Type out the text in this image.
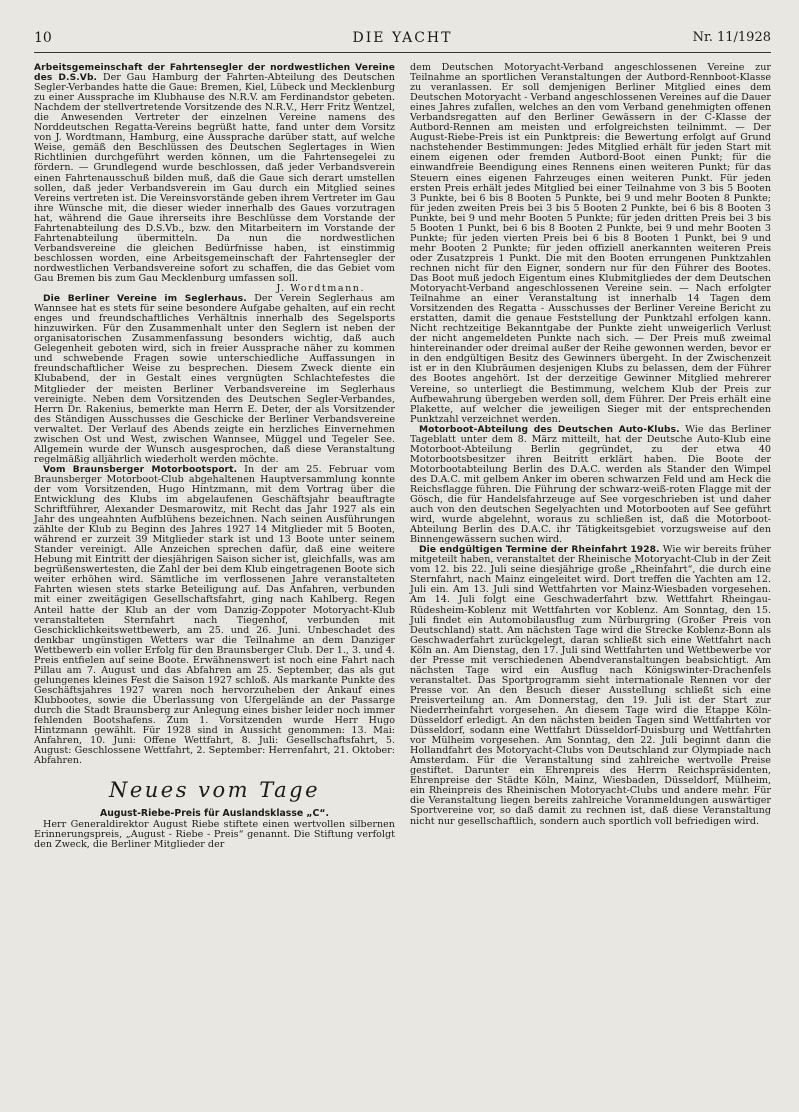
10	DIE YACHT	Nr. 11/1928

Arbeitsgemeinschaft der Fahrtensegler der nordwestlichen Vereine des D.S.Vb. Der Gau Hamburg der Fahrten-Abteilung des Deutschen Segler-Verbandes hatte die Gaue: Bremen, Kiel, Lübeck und Mecklenburg zu einer Aussprache im Klubhause des N.R.V. am Ferdinandstor gebeten. Nachdem der stellvertretende Vorsitzende des N.R.V., Herr Fritz Wentzel, die Anwesenden Vertreter der einzelnen Vereine namens des Norddeutschen Regatta-Vereins begrüßt hatte, fand unter dem Vorsitz von J. Wordtmann, Hamburg, eine Aussprache darüber statt, auf welche Weise, gemäß den Beschlüssen des Deutschen Seglertages in Wien Richtlinien durchgeführt werden können, um die Fahrtensegelei zu fördern. — Grundlegend wurde beschlossen, daß jeder Verbandsverein einen Fahrtenausschuß bilden muß, daß die Gaue sich derart umstellen sollen, daß jeder Verbandsverein im Gau durch ein Mitglied seines Vereins vertreten ist. Die Vereinsvorstände geben ihrem Vertreter im Gau ihre Wünsche mit, die dieser wieder innerhalb des Gaues vorzutragen hat, während die Gaue ihrerseits ihre Beschlüsse dem Vorstande der Fahrtenabteilung des D.S.Vb., bzw. den Mitarbeitern im Vorstande der Fahrtenabteilung übermitteln. Da nun die nordwestlichen Verbandsvereine die gleichen Bedürfnisse haben, ist einstimmig beschlossen worden, eine Arbeitsgemeinschaft der Fahrtensegler der nordwestlichen Verbandsvereine sofort zu schaffen, die das Gebiet vom Gau Bremen bis zum Gau Mecklenburg umfassen soll.

J. Wordtmann.

Die Berliner Vereine im Seglerhaus. Der Verein Seglerhaus am Wannsee hat es stets für seine besondere Aufgabe gehalten, auf ein recht enges und freundschaftliches Verhältnis innerhalb des Segelsports hinzuwirken. Für den Zusammenhalt unter den Seglern ist neben der organisatorischen Zusammenfassung besonders wichtig, daß auch Gelegenheit geboten wird, sich in freier Aussprache näher zu kommen und schwebende Fragen sowie unterschiedliche Auffassungen in freundschaftlicher Weise zu besprechen. Diesem Zweck diente ein Klubabend, der in Gestalt eines vergnügten Schlachtefestes die Mitglieder der meisten Berliner Verbandsvereine im Seglerhaus vereinigte. Neben dem Vorsitzenden des Deutschen Segler-Verbandes, Herrn Dr. Rakenius, bemerkte man Herrn E. Deter, der als Vorsitzender des Ständigen Ausschusses die Geschicke der Berliner Verbandsvereine verwaltet. Der Verlauf des Abends zeigte ein herzliches Einvernehmen zwischen Ost und West, zwischen Wannsee, Müggel und Tegeler See. Allgemein wurde der Wunsch ausgesprochen, daß diese Veranstaltung regelmäßig alljährlich wiederholt werden möchte.

Vom Braunsberger Motorbootsport. In der am 25. Februar vom Braunsberger Motorboot-Club abgehaltenen Hauptversammlung konnte der vom Vorsitzenden, Hugo Hintzmann, mit dem Vortrag über die Entwicklung des Klubs im abgelaufenen Geschäftsjahr beauftragte Schriftführer, Alexander Desmarowitz, mit Recht das Jahr 1927 als ein Jahr des ungeahnten Aufblühens bezeichnen. Nach seinen Ausführungen zählte der Klub zu Beginn des Jahres 1927 14 Mitglieder mit 5 Booten, während er zurzeit 39 Mitglieder stark ist und 13 Boote unter seinem Stander vereinigt. Alle Anzeichen sprechen dafür, daß eine weitere Hebung mit Eintritt der diesjährigen Saison sicher ist, gleichfalls, was am begrüßenswertesten, die Zahl der bei dem Klub eingetragenen Boote sich weiter erhöhen wird. Sämtliche im verflossenen Jahre veranstalteten Fahrten wiesen stets starke Beteiligung auf. Das Anfahren, verbunden mit einer zweitägigen Gesellschaftsfahrt, ging nach Kahlberg. Regen Anteil hatte der Klub an der vom Danzig-Zoppoter Motoryacht-Klub veranstalteten Sternfahrt nach Tiegenhof, verbunden mit Geschicklichkeitswettbewerb, am 25. und 26. Juni. Unbeschadet des denkbar ungünstigen Wetters war die Teilnahme an dem Danziger Wettbewerb ein voller Erfolg für den Braunsberger Club. Der 1., 3. und 4. Preis entfielen auf seine Boote. Erwähnenswert ist noch eine Fahrt nach Pillau am 7. August und das Abfahren am 25. September, das als gut gelungenes kleines Fest die Saison 1927 schloß. Als markante Punkte des Geschäftsjahres 1927 waren noch hervorzuheben der Ankauf eines Klubbootes, sowie die Überlassung von Ufergelände an der Passarge durch die Stadt Braunsberg zur Anlegung eines bisher leider noch immer fehlenden Bootshafens. Zum 1. Vorsitzenden wurde Herr Hugo Hintzmann gewählt. Für 1928 sind in Aussicht genommen: 13. Mai: Anfahren, 10. Juni: Offene Wettfahrt, 8. Juli: Gesellschaftsfahrt, 5. August: Geschlossene Wettfahrt, 2. September: Herrenfahrt, 21. Oktober: Abfahren.

Neues vom Tage
August-Riebe-Preis für Auslandsklasse „C“.

Herr Generaldirektor August Riebe stiftete einen wertvollen silbernen Erinnerungspreis, „August - Riebe - Preis“ genannt. Die Stiftung verfolgt den Zweck, die Berliner Mitglieder der

dem Deutschen Motoryacht-Verband angeschlossenen Vereine zur Teilnahme an sportlichen Veranstaltungen der Autbord-Rennboot-Klasse zu veranlassen. Er soll demjenigen Berliner Mitglied eines dem Deutschen Motoryacht - Verband angeschlossenen Vereines auf die Dauer eines Jahres zufallen, welches an den vom Verband genehmigten offenen Verbandsregatten auf den Berliner Gewässern in der C-Klasse der Autbord-Rennen am meisten und erfolgreichsten teilnimmt. — Der August-Riebe-Preis ist ein Punktpreis: die Bewertung erfolgt auf Grund nachstehender Bestimmungen: Jedes Mitglied erhält für jeden Start mit einem eigenen oder fremden Autbord-Boot einen Punkt; für die einwandfreie Beendigung eines Rennens einen weiteren Punkt; für das Steuern eines eigenen Fahrzeuges einen weiteren Punkt. Für jeden ersten Preis erhält jedes Mitglied bei einer Teilnahme von 3 bis 5 Booten 3 Punkte, bei 6 bis 8 Booten 5 Punkte, bei 9 und mehr Booten 8 Punkte; für jeden zweiten Preis bei 3 bis 5 Booten 2 Punkte, bei 6 bis 8 Booten 3 Punkte, bei 9 und mehr Booten 5 Punkte; für jeden dritten Preis bei 3 bis 5 Booten 1 Punkt, bei 6 bis 8 Booten 2 Punkte, bei 9 und mehr Booten 3 Punkte; für jeden vierten Preis bei 6 bis 8 Booten 1 Punkt, bei 9 und mehr Booten 2 Punkte; für jeden offiziell anerkannten weiteren Preis oder Zusatzpreis 1 Punkt. Die mit den Booten errungenen Punktzahlen rechnen nicht für den Eigner, sondern nur für den Führer des Bootes. Das Boot muß jedoch Eigentum eines Klubmitgliedes der dem Deutschen Motoryacht-Verband angeschlossenen Vereine sein. — Nach erfolgter Teilnahme an einer Veranstaltung ist innerhalb 14 Tagen dem Vorsitzenden des Regatta - Ausschusses der Berliner Vereine Bericht zu erstatten, damit die genaue Feststellung der Punktzahl erfolgen kann. Nicht rechtzeitige Bekanntgabe der Punkte zieht unweigerlich Verlust der nicht angemeldeten Punkte nach sich. — Der Preis muß zweimal hintereinander oder dreimal außer der Reihe gewonnen werden, bevor er in den endgültigen Besitz des Gewinners übergeht. In der Zwischenzeit ist er in den Klubräumen desjenigen Klubs zu belassen, dem der Führer des Bootes angehört. Ist der derzeitige Gewinner Mitglied mehrerer Vereine, so unterliegt die Bestimmung, welchem Klub der Preis zur Aufbewahrung übergeben werden soll, dem Führer. Der Preis erhält eine Plakette, auf welcher die jeweiligen Sieger mit der entsprechenden Punktzahl verzeichnet werden.

Motorboot-Abteilung des Deutschen Auto-Klubs. Wie das Berliner Tageblatt unter dem 8. März mitteilt, hat der Deutsche Auto-Klub eine Motorboot-Abteilung Berlin gegründet, zu der etwa 40 Motorbootsbesitzer ihren Beitritt erklärt haben. Die Boote der Motorbootabteilung Berlin des D.A.C. werden als Stander den Wimpel des D.A.C. mit gelbem Anker im oberen schwarzen Feld und am Heck die Reichsflagge führen. Die Führung der schwarz-weiß-roten Flagge mit der Gösch, die für Handelsfahrzeuge auf See vorgeschrieben ist und daher auch von den deutschen Segelyachten und Motorbooten auf See geführt wird, wurde abgelehnt, woraus zu schließen ist, daß die Motorboot-Abteilung Berlin des D.A.C. ihr Tätigkeitsgebiet vorzugsweise auf den Binnengewässern suchen wird.

Die endgültigen Termine der Rheinfahrt 1928. Wie wir bereits früher mitgeteilt haben, veranstaltet der Rheinische Motoryacht-Club in der Zeit vom 12. bis 22. Juli seine diesjährige große „Rheinfahrt“, die durch eine Sternfahrt, nach Mainz eingeleitet wird. Dort treffen die Yachten am 12. Juli ein. Am 13. Juli sind Wettfahrten vor Mainz-Wiesbaden vorgesehen. Am 14. Juli folgt eine Geschwaderfahrt bzw. Wettfahrt Rheingau-Rüdesheim-Koblenz mit Wettfahrten vor Koblenz. Am Sonntag, den 15. Juli findet ein Automobilausflug zum Nürburgring (Großer Preis von Deutschland) statt. Am nächsten Tage wird die Strecke Koblenz-Bonn als Geschwaderfahrt zurückgelegt, daran schließt sich eine Wettfahrt nach Köln an. Am Dienstag, den 17. Juli sind Wettfahrten und Wettbewerbe vor der Presse mit verschiedenen Abendveranstaltungen beabsichtigt. Am nächsten Tage wird ein Ausflug nach Königswinter-Drachenfels veranstaltet. Das Sportprogramm sieht internationale Rennen vor der Presse vor. An den Besuch dieser Ausstellung schließt sich eine Preisverteilung an. Am Donnerstag, den 19. Juli ist der Start zur Niederrheinfahrt vorgesehen. An diesem Tage wird die Etappe Köln-Düsseldorf erledigt. An den nächsten beiden Tagen sind Wettfahrten vor Düsseldorf, sodann eine Wettfahrt Düsseldorf-Duisburg und Wettfahrten vor Mülheim vorgesehen. Am Sonntag, den 22. Juli beginnt dann die Hollandfahrt des Motoryacht-Clubs von Deutschland zur Olympiade nach Amsterdam. Für die Veranstaltung sind zahlreiche wertvolle Preise gestiftet. Darunter ein Ehrenpreis des Herrn Reichspräsidenten, Ehrenpreise der Städte Köln, Mainz, Wiesbaden, Düsseldorf, Mülheim, ein Rheinpreis des Rheinischen Motoryacht-Clubs und andere mehr. Für die Veranstaltung liegen bereits zahlreiche Voranmeldungen auswärtiger Sportvereine vor, so daß damit zu rechnen ist, daß diese Veranstaltung nicht nur gesellschaftlich, sondern auch sportlich voll befriedigen wird.
